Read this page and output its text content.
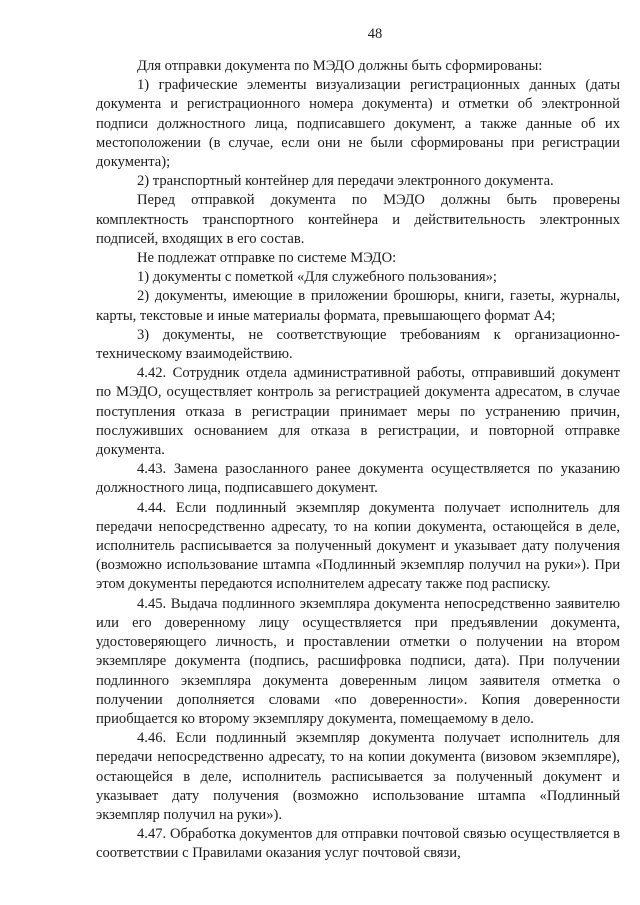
48

Для отправки документа по МЭДО должны быть сформированы:

1) графические элементы визуализации регистрационных данных (даты документа и регистрационного номера документа) и отметки об электронной подписи должностного лица, подписавшего документ, а также данные об их местоположении (в случае, если они не были сформированы при регистрации документа);

2) транспортный контейнер для передачи электронного документа.

Перед отправкой документа по МЭДО должны быть проверены комплектность транспортного контейнера и действительность электронных подписей, входящих в его состав.

Не подлежат отправке по системе МЭДО:

1) документы с пометкой «Для служебного пользования»;

2) документы, имеющие в приложении брошюры, книги, газеты, журналы, карты, текстовые и иные материалы формата, превышающего формат А4;

3) документы, не соответствующие требованиям к организационно-техническому взаимодействию.

4.42. Сотрудник отдела административной работы, отправивший документ по МЭДО, осуществляет контроль за регистрацией документа адресатом, в случае поступления отказа в регистрации принимает меры по устранению причин, послуживших основанием для отказа в регистрации, и повторной отправке документа.

4.43. Замена разосланного ранее документа осуществляется по указанию должностного лица, подписавшего документ.

4.44. Если подлинный экземпляр документа получает исполнитель для передачи непосредственно адресату, то на копии документа, остающейся в деле, исполнитель расписывается за полученный документ и указывает дату получения (возможно использование штампа «Подлинный экземпляр получил на руки»). При этом документы передаются исполнителем адресату также под расписку.

4.45. Выдача подлинного экземпляра документа непосредственно заявителю или его доверенному лицу осуществляется при предъявлении документа, удостоверяющего личность, и проставлении отметки о получении на втором экземпляре документа (подпись, расшифровка подписи, дата). При получении подлинного экземпляра документа доверенным лицом заявителя отметка о получении дополняется словами «по доверенности». Копия доверенности приобщается ко второму экземпляру документа, помещаемому в дело.

4.46. Если подлинный экземпляр документа получает исполнитель для передачи непосредственно адресату, то на копии документа (визовом экземпляре), остающейся в деле, исполнитель расписывается за полученный документ и указывает дату получения (возможно использование штампа «Подлинный экземпляр получил на руки»).

4.47. Обработка документов для отправки почтовой связью осуществляется в соответствии с Правилами оказания услуг почтовой связи,
